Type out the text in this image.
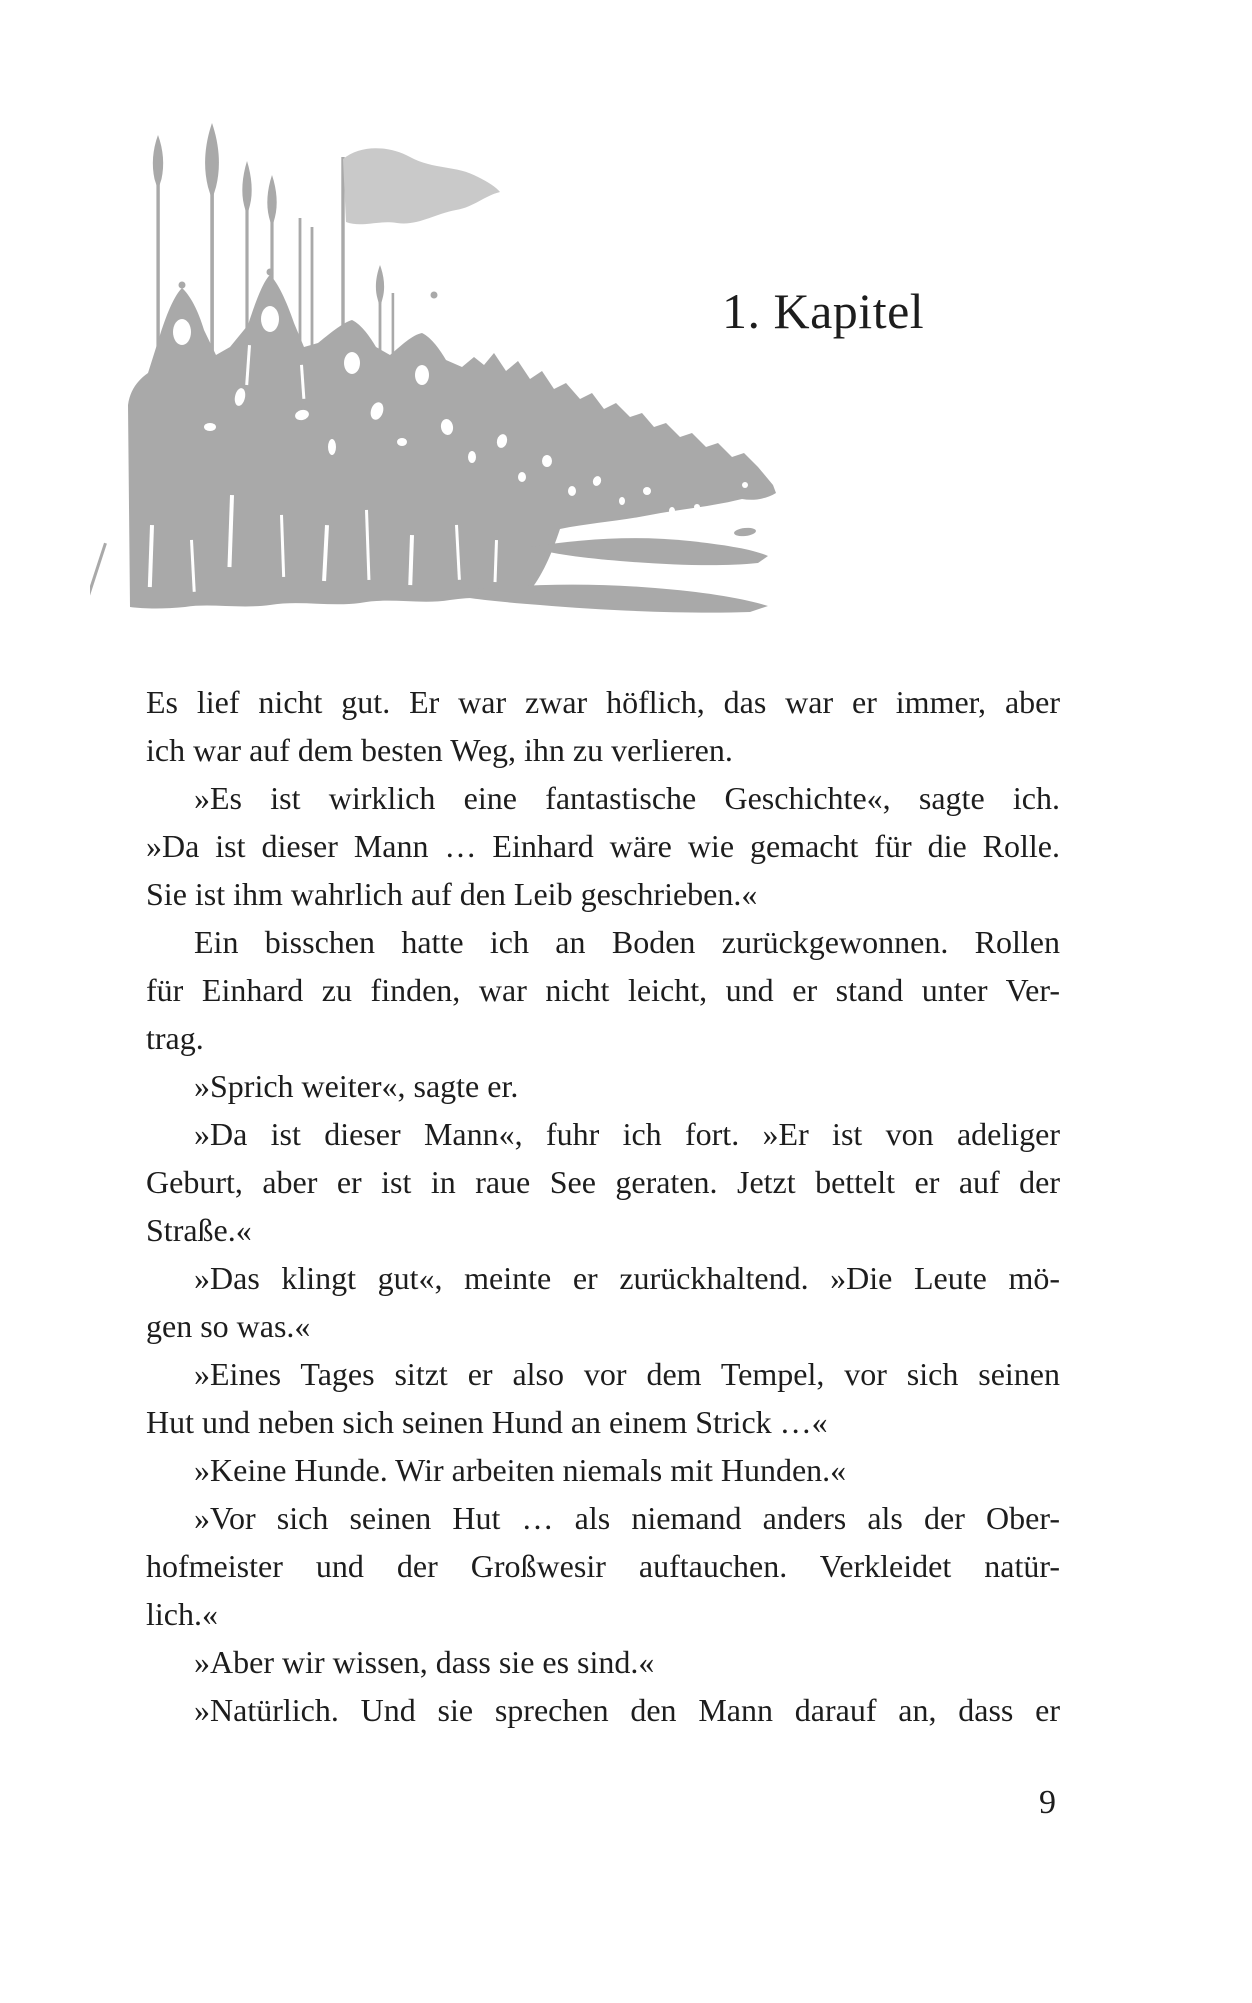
1. Kapitel
Es lief nicht gut. Er war zwar höflich, das war er immer, aber
ich war auf dem besten Weg, ihn zu verlieren.
»Es ist wirklich eine fantastische Geschichte«, sagte ich.
»Da ist dieser Mann … Einhard wäre wie gemacht für die Rolle.
Sie ist ihm wahrlich auf den Leib geschrieben.«
Ein bisschen hatte ich an Boden zurückgewonnen. Rollen
für Einhard zu finden, war nicht leicht, und er stand unter Ver-
trag.
»Sprich weiter«, sagte er.
»Da ist dieser Mann«, fuhr ich fort. »Er ist von adeliger
Geburt, aber er ist in raue See geraten. Jetzt bettelt er auf der
Straße.«
»Das klingt gut«, meinte er zurückhaltend. »Die Leute mö-
gen so was.«
»Eines Tages sitzt er also vor dem Tempel, vor sich seinen
Hut und neben sich seinen Hund an einem Strick …«
»Keine Hunde. Wir arbeiten niemals mit Hunden.«
»Vor sich seinen Hut … als niemand anders als der Ober-
hofmeister und der Großwesir auftauchen. Verkleidet natür-
lich.«
»Aber wir wissen, dass sie es sind.«
»Natürlich. Und sie sprechen den Mann darauf an, dass er
9
